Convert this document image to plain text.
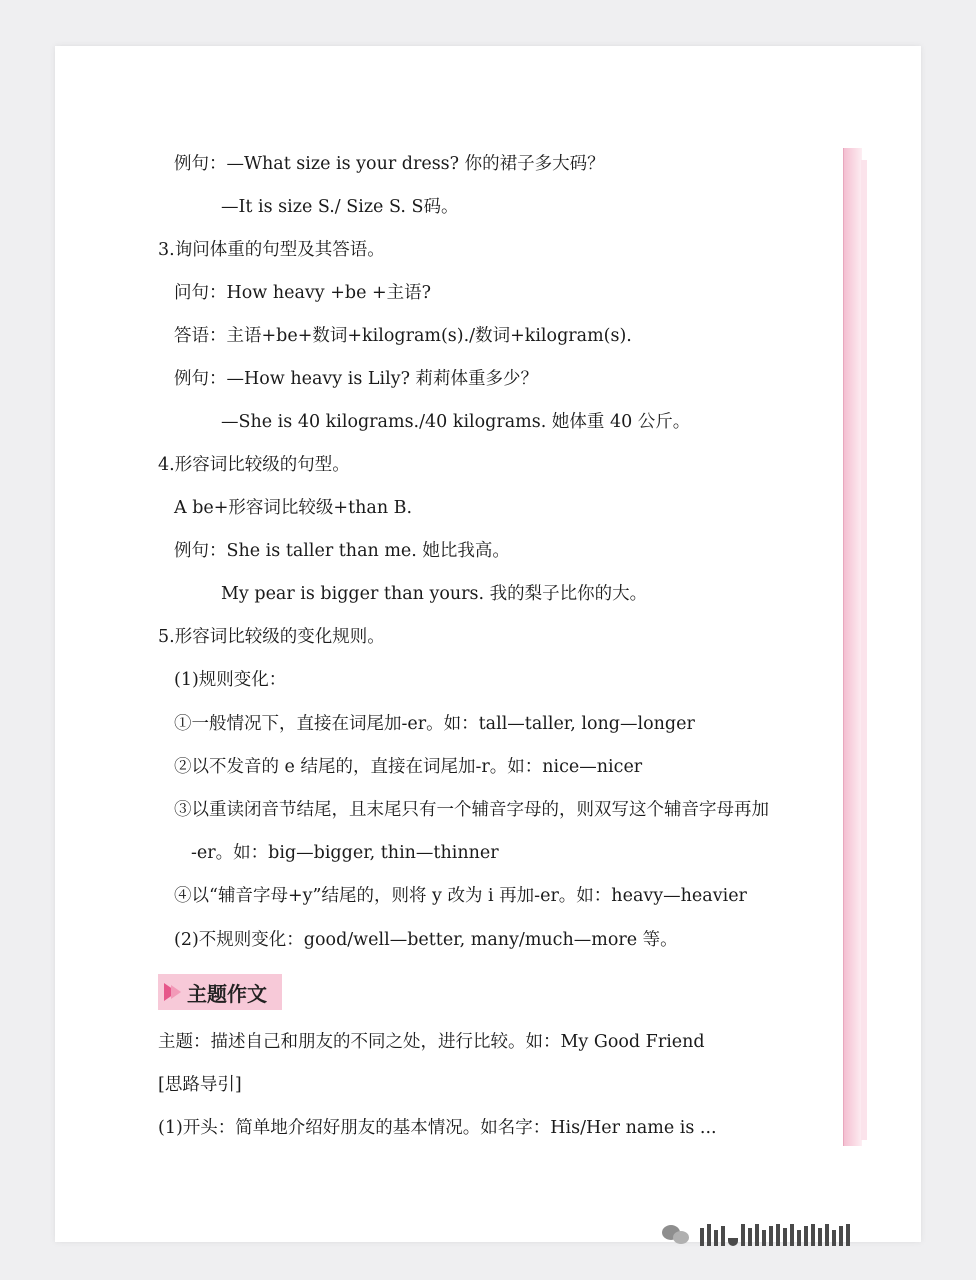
例句：—What size is your dress? 你的裙子多大码？
—It is size S./ Size S. S码。
3.询问体重的句型及其答语。
问句：How heavy +be +主语?
答语：主语+be+数词+kilogram(s)./数词+kilogram(s).
例句：—How heavy is Lily? 莉莉体重多少？
—She is 40 kilograms./40 kilograms. 她体重 40 公斤。
4.形容词比较级的句型。
A be+形容词比较级+than B.
例句：She is taller than me. 她比我高。
My pear is bigger than yours. 我的梨子比你的大。
5.形容词比较级的变化规则。
(1)规则变化：
①一般情况下，直接在词尾加-er。如：tall—taller, long—longer
②以不发音的 e 结尾的，直接在词尾加-r。如：nice—nicer
③以重读闭音节结尾，且末尾只有一个辅音字母的，则双写这个辅音字母再加
-er。如：big—bigger, thin—thinner
④以“辅音字母+y”结尾的，则将 y 改为 i 再加-er。如：heavy—heavier
(2)不规则变化：good/well—better, many/much—more 等。
主题作文
主题：描述自己和朋友的不同之处，进行比较。如：My Good Friend
[思路导引]
(1)开头：简单地介绍好朋友的基本情况。如名字：His/Her name is ...
